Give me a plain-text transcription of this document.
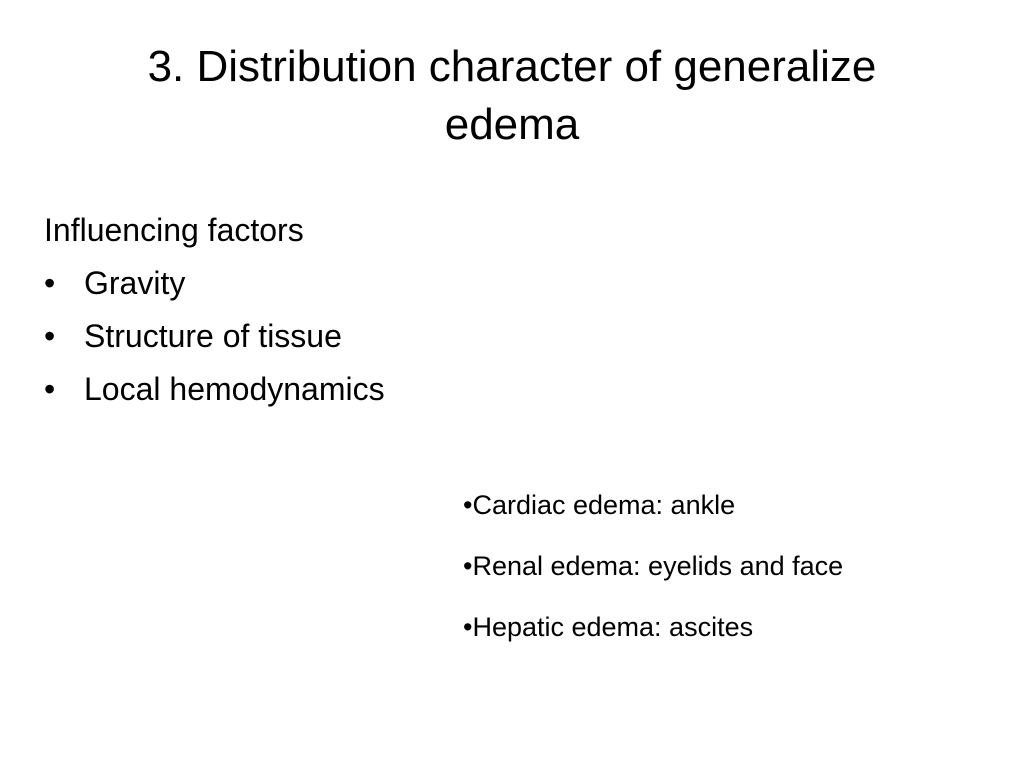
3. Distribution character of generalize
edema
Influencing factors
• Gravity
• Structure of tissue
• Local hemodynamics
•Cardiac edema: ankle
•Renal edema: eyelids and face
•Hepatic edema: ascites
